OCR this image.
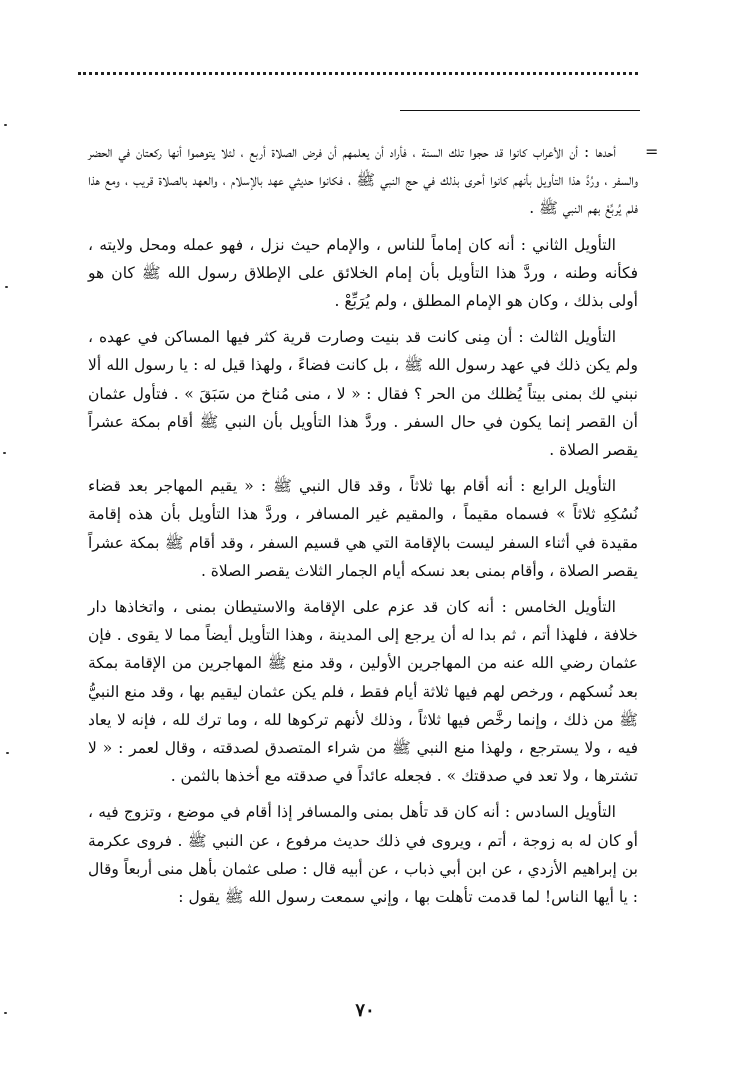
=

أحدها : أن الأعراب كانوا قد حجوا تلك السنة ، فأراد أن يعلمهم أن فرض الصلاة أربع ، لئلا يتوهموا أنها ركعتان في الحضر والسفر ، ورُدَّ هذا التأويل بأنهم كانوا أحرى بذلك في حج النبي ﷺ ، فكانوا حديثي عهد بالإسلام ، والعهد بالصلاة قريب ، ومع هذا فلم يُربِّعْ بهم النبي ﷺ .

التأويل الثاني : أنه كان إماماً للناس ، والإمام حيث نزل ، فهو عمله ومحل ولايته ، فكأنه وطنه ، وردَّ هذا التأويل بأن إمام الخلائق على الإطلاق رسول الله ﷺ كان هو أولى بذلك ، وكان هو الإمام المطلق ، ولم يُرَبِّعْ .

التأويل الثالث : أن مِنى كانت قد بنيت وصارت قرية كثر فيها المساكن في عهده ، ولم يكن ذلك في عهد رسول الله ﷺ ، بل كانت فضاءً ، ولهذا قيل له : يا رسول الله ألا نبني لك بمنى بيتاً يُظلك من الحر ؟ فقال : « لا ، منى مُناخ من سَبَقَ » . فتأول عثمان أن القصر إنما يكون في حال السفر . وردَّ هذا التأويل بأن النبي ﷺ أقام بمكة عشراً يقصر الصلاة .

التأويل الرابع : أنه أقام بها ثلاثاً ، وقد قال النبي ﷺ : « يقيم المهاجر بعد قضاء نُسُكِهِ ثلاثاً » فسماه مقيماً ، والمقيم غير المسافر ، وردَّ هذا التأويل بأن هذه إقامة مقيدة في أثناء السفر ليست بالإقامة التي هي قسيم السفر ، وقد أقام ﷺ بمكة عشراً يقصر الصلاة ، وأقام بمنى بعد نسكه أيام الجمار الثلاث يقصر الصلاة .

التأويل الخامس : أنه كان قد عزم على الإقامة والاستيطان بمنى ، واتخاذها دار خلافة ، فلهذا أتم ، ثم بدا له أن يرجع إلى المدينة ، وهذا التأويل أيضاً مما لا يقوى . فإن عثمان رضي الله عنه من المهاجرين الأولين ، وقد منع ﷺ المهاجرين من الإقامة بمكة بعد نُسكهم ، ورخص لهم فيها ثلاثة أيام فقط ، فلم يكن عثمان ليقيم بها ، وقد منع النبيُّ ﷺ من ذلك ، وإنما رخَّص فيها ثلاثاً ، وذلك لأنهم تركوها لله ، وما ترك لله ، فإنه لا يعاد فيه ، ولا يسترجع ، ولهذا منع النبي ﷺ من شراء المتصدق لصدقته ، وقال لعمر : « لا تشترها ، ولا تعد في صدقتك » . فجعله عائداً في صدقته مع أخذها بالثمن .

التأويل السادس : أنه كان قد تأهل بمنى والمسافر إذا أقام في موضع ، وتزوج فيه ، أو كان له به زوجة ، أتم ، ويروى في ذلك حديث مرفوع ، عن النبي ﷺ . فروى عكرمة بن إبراهيم الأزدي ، عن ابن أبي ذباب ، عن أبيه قال : صلى عثمان بأهل منى أربعاً وقال : يا أيها الناس! لما قدمت تأهلت بها ، وإني سمعت رسول الله ﷺ يقول :

٧٠
